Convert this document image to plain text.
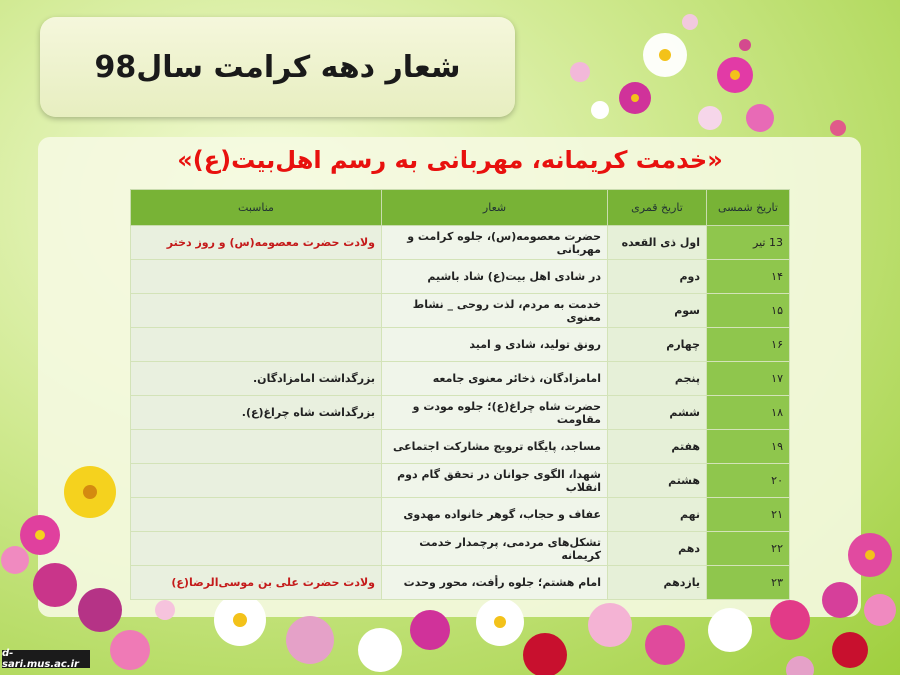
شعار دهه کرامت سال98
«خدمت کریمانه، مهربانی به رسم اهل‌بیت(ع)»
تاریخ شمسی	تاریخ قمری	شعار	مناسبت
13 تیر	اول ذی القعده	حضرت معصومه(س)، جلوه کرامت و مهربانی	ولادت حضرت معصومه(س) و روز دختر
۱۴	دوم	در شادی اهل بیت(ع) شاد باشیم	
۱۵	سوم	خدمت به مردم، لذت روحی _ نشاط معنوی	
۱۶	چهارم	رونق تولید، شادی و امید	
۱۷	پنجم	امامزادگان، ذخائر معنوی جامعه	بزرگداشت امامزادگان.
۱۸	ششم	حضرت شاه چراغ(ع)؛ جلوه مودت و مقاومت	بزرگداشت شاه چراغ(ع).
۱۹	هفتم	مساجد، پایگاه ترویج مشارکت اجتماعی	
۲۰	هشتم	شهدا، الگوی جوانان در تحقق گام دوم انقلاب	
۲۱	نهم	عفاف و حجاب، گوهر خانواده مهدوی	
۲۲	دهم	تشکل‌های مردمی، پرچمدار خدمت کریمانه	
۲۳	یازدهم	امام هشتم؛ جلوه رأفت، محور وحدت	ولادت حضرت علی بن موسی‌الرضا(ع)
d-sari.mus.ac.ir
